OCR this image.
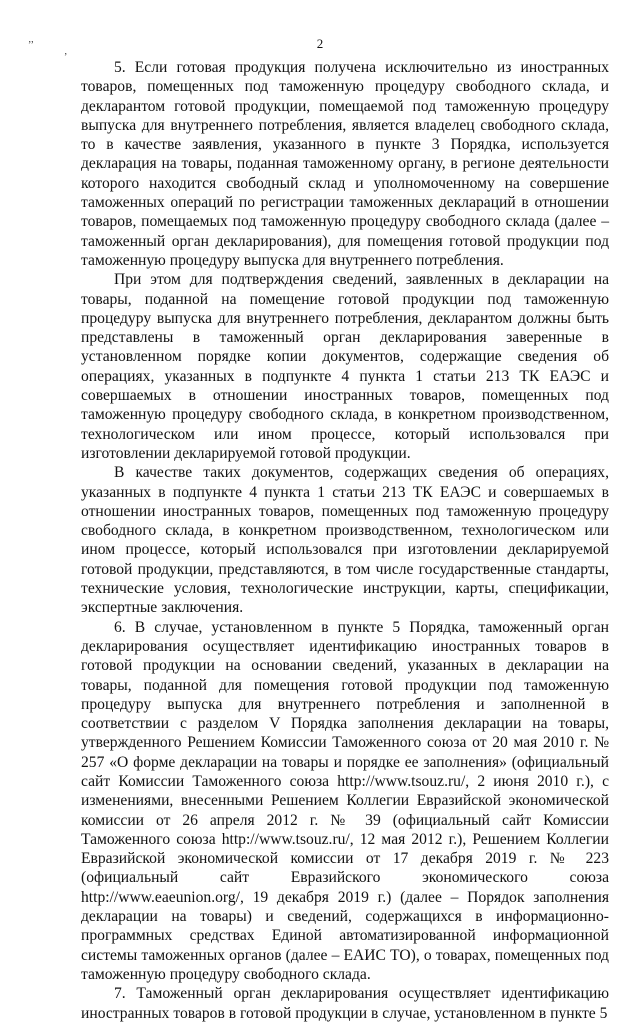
’’
’
2

5. Если готовая продукция получена исключительно из иностранных товаров, помещенных под таможенную процедуру свободного склада, и декларантом готовой продукции, помещаемой под таможенную процедуру выпуска для внутреннего потребления, является владелец свободного склада, то в качестве заявления, указанного в пункте 3 Порядка, используется декларация на товары, поданная таможенному органу, в регионе деятельности которого находится свободный склад и уполномоченному на совершение таможенных операций по регистрации таможенных деклараций в отношении товаров, помещаемых под таможенную процедуру свободного склада (далее – таможенный орган декларирования), для помещения готовой продукции под таможенную процедуру выпуска для внутреннего потребления.

При этом для подтверждения сведений, заявленных в декларации на товары, поданной на помещение готовой продукции под таможенную процедуру выпуска для внутреннего потребления, декларантом должны быть представлены в таможенный орган декларирования заверенные в установленном порядке копии документов, содержащие сведения об операциях, указанных в подпункте 4 пункта 1 статьи 213 ТК ЕАЭС и совершаемых в отношении иностранных товаров, помещенных под таможенную процедуру свободного склада, в конкретном производственном, технологическом или ином процессе, который использовался при изготовлении декларируемой готовой продукции.

В качестве таких документов, содержащих сведения об операциях, указанных в подпункте 4 пункта 1 статьи 213 ТК ЕАЭС и совершаемых в отношении иностранных товаров, помещенных под таможенную процедуру свободного склада, в конкретном производственном, технологическом или ином процессе, который использовался при изготовлении декларируемой готовой продукции, представляются, в том числе государственные стандарты, технические условия, технологические инструкции, карты, спецификации, экспертные заключения.

6. В случае, установленном в пункте 5 Порядка, таможенный орган декларирования осуществляет идентификацию иностранных товаров в готовой продукции на основании сведений, указанных в декларации на товары, поданной для помещения готовой продукции под таможенную процедуру выпуска для внутреннего потребления и заполненной в соответствии с разделом V Порядка заполнения декларации на товары, утвержденного Решением Комиссии Таможенного союза от 20 мая 2010 г. № 257 «О форме декларации на товары и порядке ее заполнения» (официальный сайт Комиссии Таможенного союза http://www.tsouz.ru/, 2 июня 2010 г.), с изменениями, внесенными Решением Коллегии Евразийской экономической комиссии от 26 апреля 2012 г. № 39 (официальный сайт Комиссии Таможенного союза http://www.tsouz.ru/, 12 мая 2012 г.), Решением Коллегии Евразийской экономической комиссии от 17 декабря 2019 г. № 223 (официальный сайт Евразийского экономического союза http://www.eaeunion.org/, 19 декабря 2019 г.) (далее – Порядок заполнения декларации на товары) и сведений, содержащихся в информационно-программных средствах Единой автоматизированной информационной системы таможенных органов (далее – ЕАИС ТО), о товарах, помещенных под таможенную процедуру свободного склада.

7. Таможенный орган декларирования осуществляет идентификацию иностранных товаров в готовой продукции в случае, установленном в пункте 5
